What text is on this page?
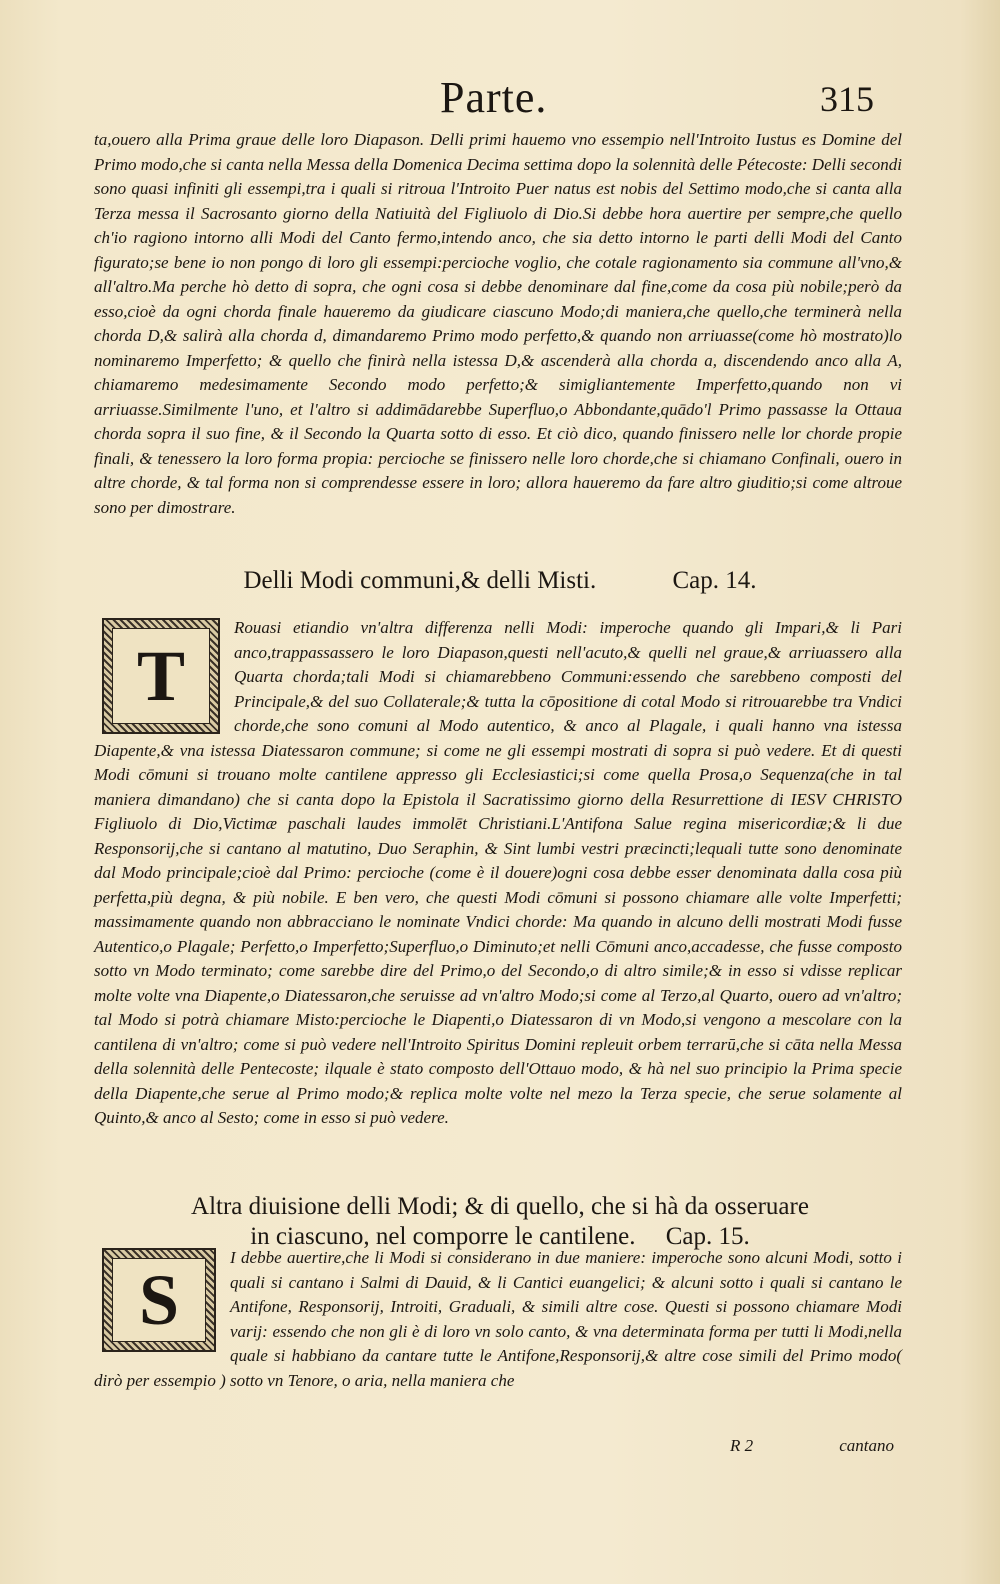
Parte.	315

ta,ouero alla Prima graue delle loro Diapason. Delli primi hauemo vno essempio nell'Introito Iustus es Domine del Primo modo,che si canta nella Messa della Domenica Decima settima dopo la solennità delle Pétecoste: Delli secondi sono quasi infiniti gli essempi,tra i quali si ritroua l'Introito Puer natus est nobis del Settimo modo,che si canta alla Terza messa il Sacrosanto giorno della Natiuità del Figliuolo di Dio.Si debbe hora auertire per sempre,che quello ch'io ragiono intorno alli Modi del Canto fermo,intendo anco, che sia detto intorno le parti delli Modi del Canto figurato;se bene io non pongo di loro gli essempi:percioche voglio, che cotale ragionamento sia commune all'vno,& all'altro.Ma perche hò detto di sopra, che ogni cosa si debbe denominare dal fine,come da cosa più nobile;però da esso,cioè da ogni chorda finale haueremo da giudicare ciascuno Modo;di maniera,che quello,che terminerà nella chorda D,& salirà alla chorda d, dimandaremo Primo modo perfetto,& quando non arriuasse(come hò mostrato)lo nominaremo Imperfetto; & quello che finirà nella istessa D,& ascenderà alla chorda a, discendendo anco alla A, chiamaremo medesimamente Secondo modo perfetto;& simigliantemente Imperfetto,quando non vi arriuasse.Similmente l'uno, et l'altro si addimādarebbe Superfluo,o Abbondante,quādo'l Primo passasse la Ottaua chorda sopra il suo fine, & il Secondo la Quarta sotto di esso. Et ciò dico, quando finissero nelle lor chorde propie finali, & tenessero la loro forma propia: percioche se finissero nelle loro chorde,che si chiamano Confinali, ouero in altre chorde, & tal forma non si comprendesse essere in loro; allora haueremo da fare altro giuditio;si come altroue sono per dimostrare.

Delli Modi communi,& delli Misti.	Cap. 14.
T
Rouasi etiandio vn'altra differenza nelli Modi: imperoche quando gli Impari,& li Pari anco,trappassassero le loro Diapason,questi nell'acuto,& quelli nel graue,& arriuassero alla Quarta chorda;tali Modi si chiamarebbeno Communi:essendo che sarebbeno composti del Principale,& del suo Collaterale;& tutta la cōpositione di cotal Modo si ritrouarebbe tra Vndici chorde,che sono comuni al Modo autentico, & anco al Plagale, i quali hanno vna istessa Diapente,& vna istessa Diatessaron commune; si come ne gli essempi mostrati di sopra si può vedere. Et di questi Modi cōmuni si trouano molte cantilene appresso gli Ecclesiastici;si come quella Prosa,o Sequenza(che in tal maniera dimandano) che si canta dopo la Epistola il Sacratissimo giorno della Resurrettione di IESV CHRISTO Figliuolo di Dio,Victimæ paschali laudes immolēt Christiani.L'Antifona Salue regina misericordiæ;& li due Responsorij,che si cantano al matutino, Duo Seraphin, & Sint lumbi vestri præcincti;lequali tutte sono denominate dal Modo principale;cioè dal Primo: percioche (come è il douere)ogni cosa debbe esser denominata dalla cosa più perfetta,più degna, & più nobile. E ben vero, che questi Modi cōmuni si possono chiamare alle volte Imperfetti; massimamente quando non abbracciano le nominate Vndici chorde: Ma quando in alcuno delli mostrati Modi fusse Autentico,o Plagale; Perfetto,o Imperfetto;Superfluo,o Diminuto;et nelli Cōmuni anco,accadesse, che fusse composto sotto vn Modo terminato; come sarebbe dire del Primo,o del Secondo,o di altro simile;& in esso si vdisse replicar molte volte vna Diapente,o Diatessaron,che seruisse ad vn'altro Modo;si come al Terzo,al Quarto, ouero ad vn'altro; tal Modo si potrà chiamare Misto:percioche le Diapenti,o Diatessaron di vn Modo,si vengono a mescolare con la cantilena di vn'altro; come si può vedere nell'Introito Spiritus Domini repleuit orbem terrarū,che si cāta nella Messa della solennità delle Pentecoste; ilquale è stato composto dell'Ottauo modo, & hà nel suo principio la Prima specie della Diapente,che serue al Primo modo;& replica molte volte nel mezo la Terza specie, che serue solamente al Quinto,& anco al Sesto; come in esso si può vedere.
Altra diuisione delli Modi; & di quello, che si hà da osseruare
in ciascuno, nel comporre le cantilene. Cap. 15.
S
I debbe auertire,che li Modi si considerano in due maniere: imperoche sono alcuni Modi, sotto i quali si cantano i Salmi di Dauid, & li Cantici euangelici; & alcuni sotto i quali si cantano le Antifone, Responsorij, Introiti, Graduali, & simili altre cose. Questi si possono chiamare Modi varij: essendo che non gli è di loro vn solo canto, & vna determinata forma per tutti li Modi,nella quale si habbiano da cantare tutte le Antifone,Responsorij,& altre cose simili del Primo modo( dirò per essempio ) sotto vn Tenore, o aria, nella maniera che
R 2	cantano
